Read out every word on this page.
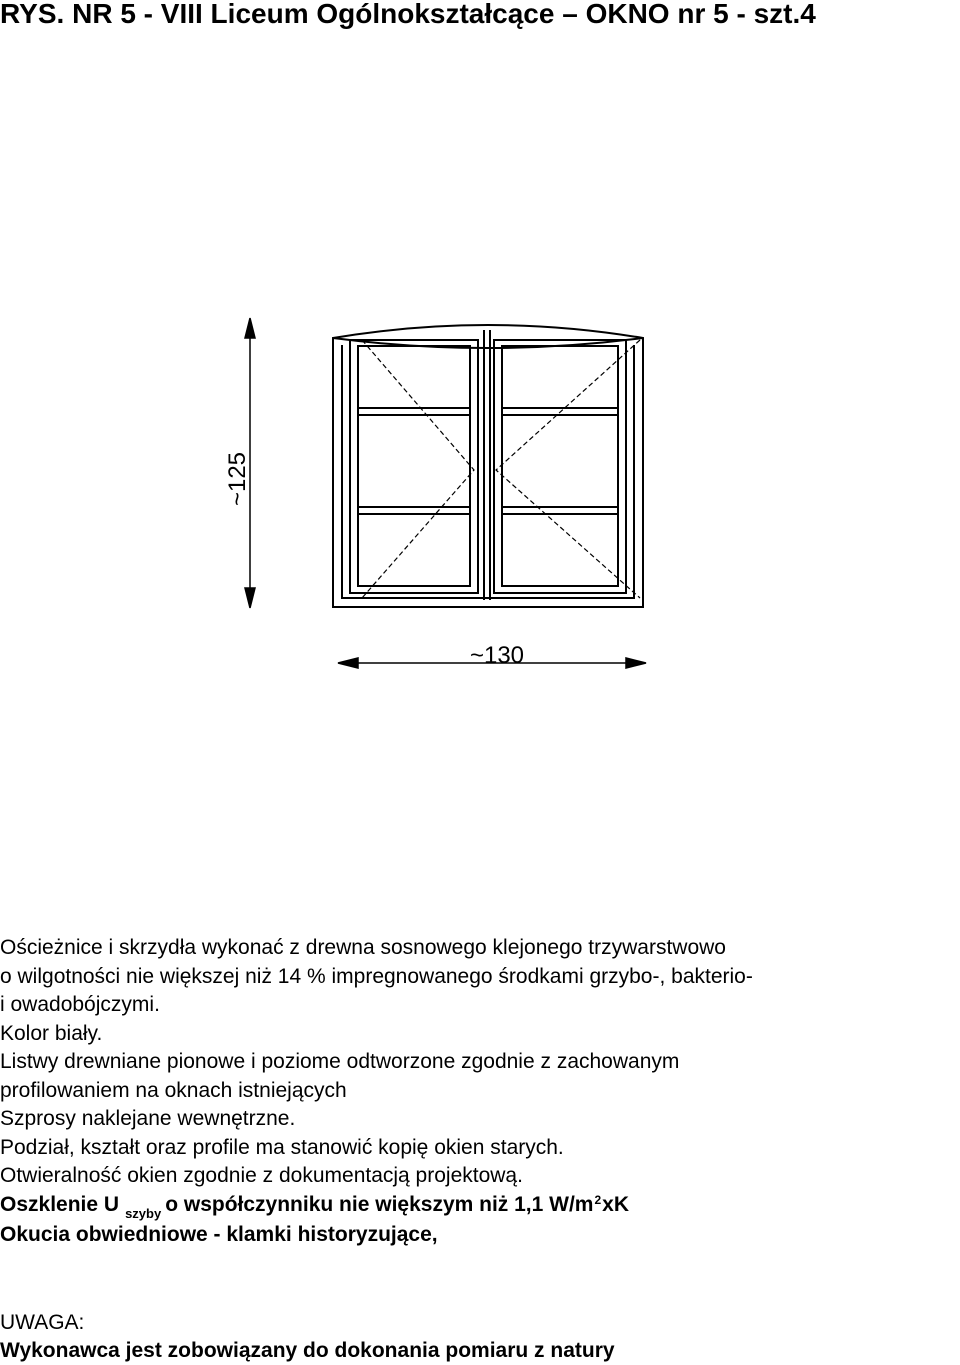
RYS. NR 5 - VIII Liceum Ogólnokształcące – OKNO nr 5 - szt.4
~125
~130
Ościeżnice i skrzydła wykonać z drewna sosnowego klejonego trzywarstwowo
o wilgotności nie większej niż 14 % impregnowanego środkami grzybo-, bakterio-
i owadobójczymi.
Kolor biały.
Listwy drewniane pionowe i poziome odtworzone zgodnie z zachowanym
profilowaniem na oknach istniejących
Szprosy naklejane wewnętrzne.
Podział, kształt oraz profile ma stanowić kopię okien starych.
Otwieralność okien zgodnie z dokumentacją projektową.
Oszklenie U $_{szyby}$ o współczynniku nie większym niż 1,1 $W/m^2xK$
Okucia obwiedniowe - klamki historyzujące,
UWAGA:
Wykonawca jest zobowiązany do dokonania pomiaru z natury
